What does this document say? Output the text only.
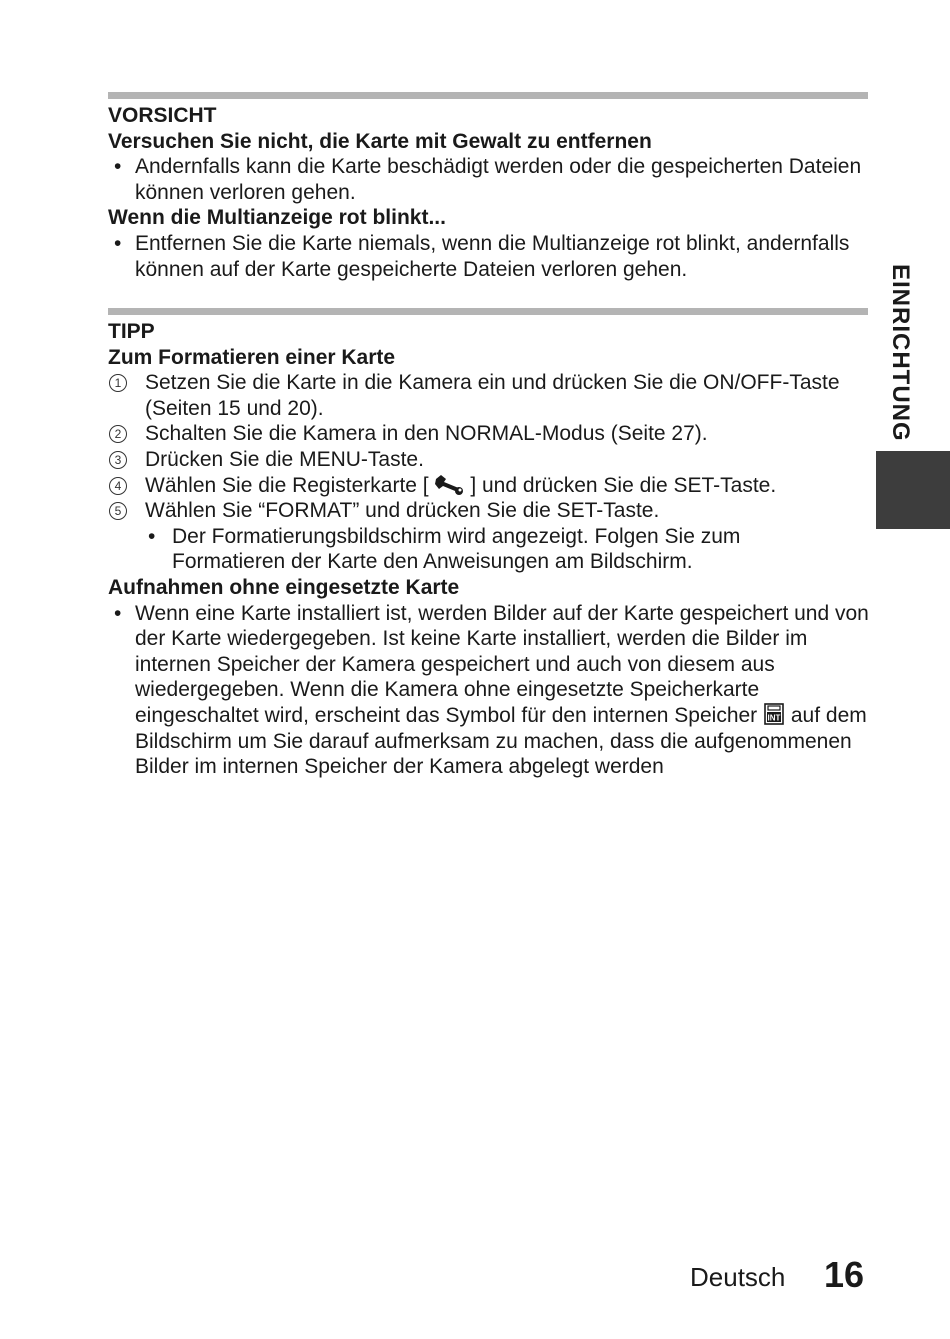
VORSICHT
Versuchen Sie nicht, die Karte mit Gewalt zu entfernen
• Andernfalls kann die Karte beschädigt werden oder die gespeicherten Dateien können verloren gehen.
Wenn die Multianzeige rot blinkt...
• Entfernen Sie die Karte niemals, wenn die Multianzeige rot blinkt, andernfalls können auf der Karte gespeicherte Dateien verloren gehen.
TIPP
Zum Formatieren einer Karte
1 Setzen Sie die Karte in die Kamera ein und drücken Sie die ON/OFF-Taste (Seiten 15 und 20).
2 Schalten Sie die Kamera in den NORMAL-Modus (Seite 27).
3 Drücken Sie die MENU-Taste.
4 Wählen Sie die Registerkarte [ ] und drücken Sie die SET-Taste.
5 Wählen Sie “FORMAT” und drücken Sie die SET-Taste.
• Der Formatierungsbildschirm wird angezeigt. Folgen Sie zum Formatieren der Karte den Anweisungen am Bildschirm.
Aufnahmen ohne eingesetzte Karte
• Wenn eine Karte installiert ist, werden Bilder auf der Karte gespeichert und von der Karte wiedergegeben. Ist keine Karte installiert, werden die Bilder im internen Speicher der Kamera gespeichert und auch von diesem aus wiedergegeben. Wenn die Kamera ohne eingesetzte Speicherkarte eingeschaltet wird, erscheint das Symbol für den internen Speicher INT auf dem Bildschirm um Sie darauf aufmerksam zu machen, dass die aufgenommenen Bilder im internen Speicher der Kamera abgelegt werden
EINRICHTUNG
Deutsch 16
